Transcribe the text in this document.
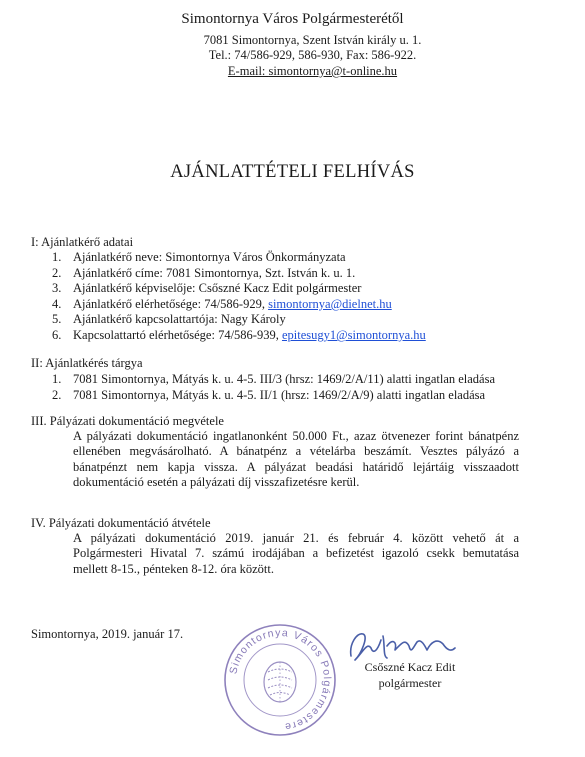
Simontornya Város Polgármesterétől
7081 Simontornya, Szent István király u. 1.
Tel.: 74/586-929, 586-930, Fax: 586-922.
E-mail: simontornya@t-online.hu
AJÁNLATTÉTELI FELHÍVÁS
I: Ajánlatkérő adatai
1. Ajánlatkérő neve: Simontornya Város Önkormányzata
2. Ajánlatkérő címe: 7081 Simontornya, Szt. István k. u. 1.
3. Ajánlatkérő képviselője: Csőszné Kacz Edit polgármester
4. Ajánlatkérő elérhetősége: 74/586-929, simontornya@dielnet.hu
5. Ajánlatkérő kapcsolattartója: Nagy Károly
6. Kapcsolattartó elérhetősége: 74/586-939, epitesugy1@simontornya.hu
II: Ajánlatkérés tárgya
1. 7081 Simontornya, Mátyás k. u. 4-5. III/3 (hrsz: 1469/2/A/11) alatti ingatlan eladása
2. 7081 Simontornya, Mátyás k. u. 4-5. II/1 (hrsz: 1469/2/A/9) alatti ingatlan eladása
III. Pályázati dokumentáció megvétele
A pályázati dokumentáció ingatlanonként 50.000 Ft., azaz ötvenezer forint bánatpénz
ellenében megvásárolható. A bánatpénz a vételárba beszámít. Vesztes pályázó a
bánatpénzt nem kapja vissza. A pályázat beadási határidő lejártáig visszaadott
dokumentáció esetén a pályázati díj visszafizetésre kerül.
IV. Pályázati dokumentáció átvétele
A pályázati dokumentáció 2019. január 21. és február 4. között vehető át a
Polgármesteri Hivatal 7. számú irodájában a befizetést igazoló csekk bemutatása
mellett 8-15., pénteken 8-12. óra között.
Simontornya, 2019. január 17.
Simontornya Város Polgármestere
Csőszné Kacz Edit
polgármester
